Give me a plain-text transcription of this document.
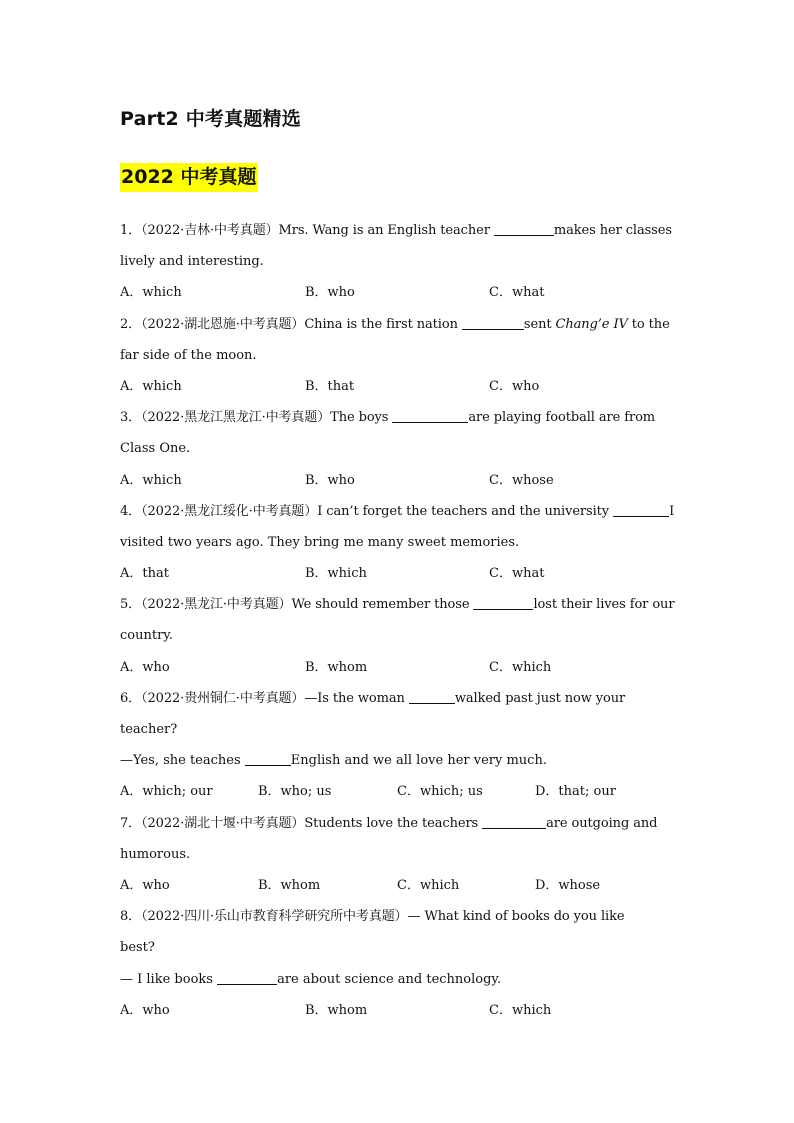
Part2 中考真题精选
2022 中考真题
1．（2022·吉林·中考真题）Mrs. Wang is an English teacher	makes her classes
lively and interesting.
A．which	B．who	C．what
2．（2022·湖北恩施·中考真题）China is the first nation	sent Chang’e IV to the
far side of the moon.
A．which	B．that	C．who
3．（2022·黑龙江黑龙江·中考真题）The boys	are playing football are from
Class One.
A．which	B．who	C．whose
4．（2022·黑龙江绥化·中考真题）I can’t forget the teachers and the university	I
visited two years ago. They bring me many sweet memories.
A．that	B．which	C．what
5．（2022·黑龙江·中考真题）We should remember those	lost their lives for our
country.
A．who	B．whom	C．which
6．（2022·贵州铜仁·中考真题）—Is the woman	walked past just now your
teacher?
—Yes, she teaches	English and we all love her very much.
A．which; our	B．who; us	C．which; us	D．that; our
7．（2022·湖北十堰·中考真题）Students love the teachers	are outgoing and
humorous.
A．who	B．whom	C．which	D．whose
8．（2022·四川·乐山市教育科学研究所中考真题）— What kind of books do you like
best?
— I like books	are about science and technology.
A．who	B．whom	C．which
